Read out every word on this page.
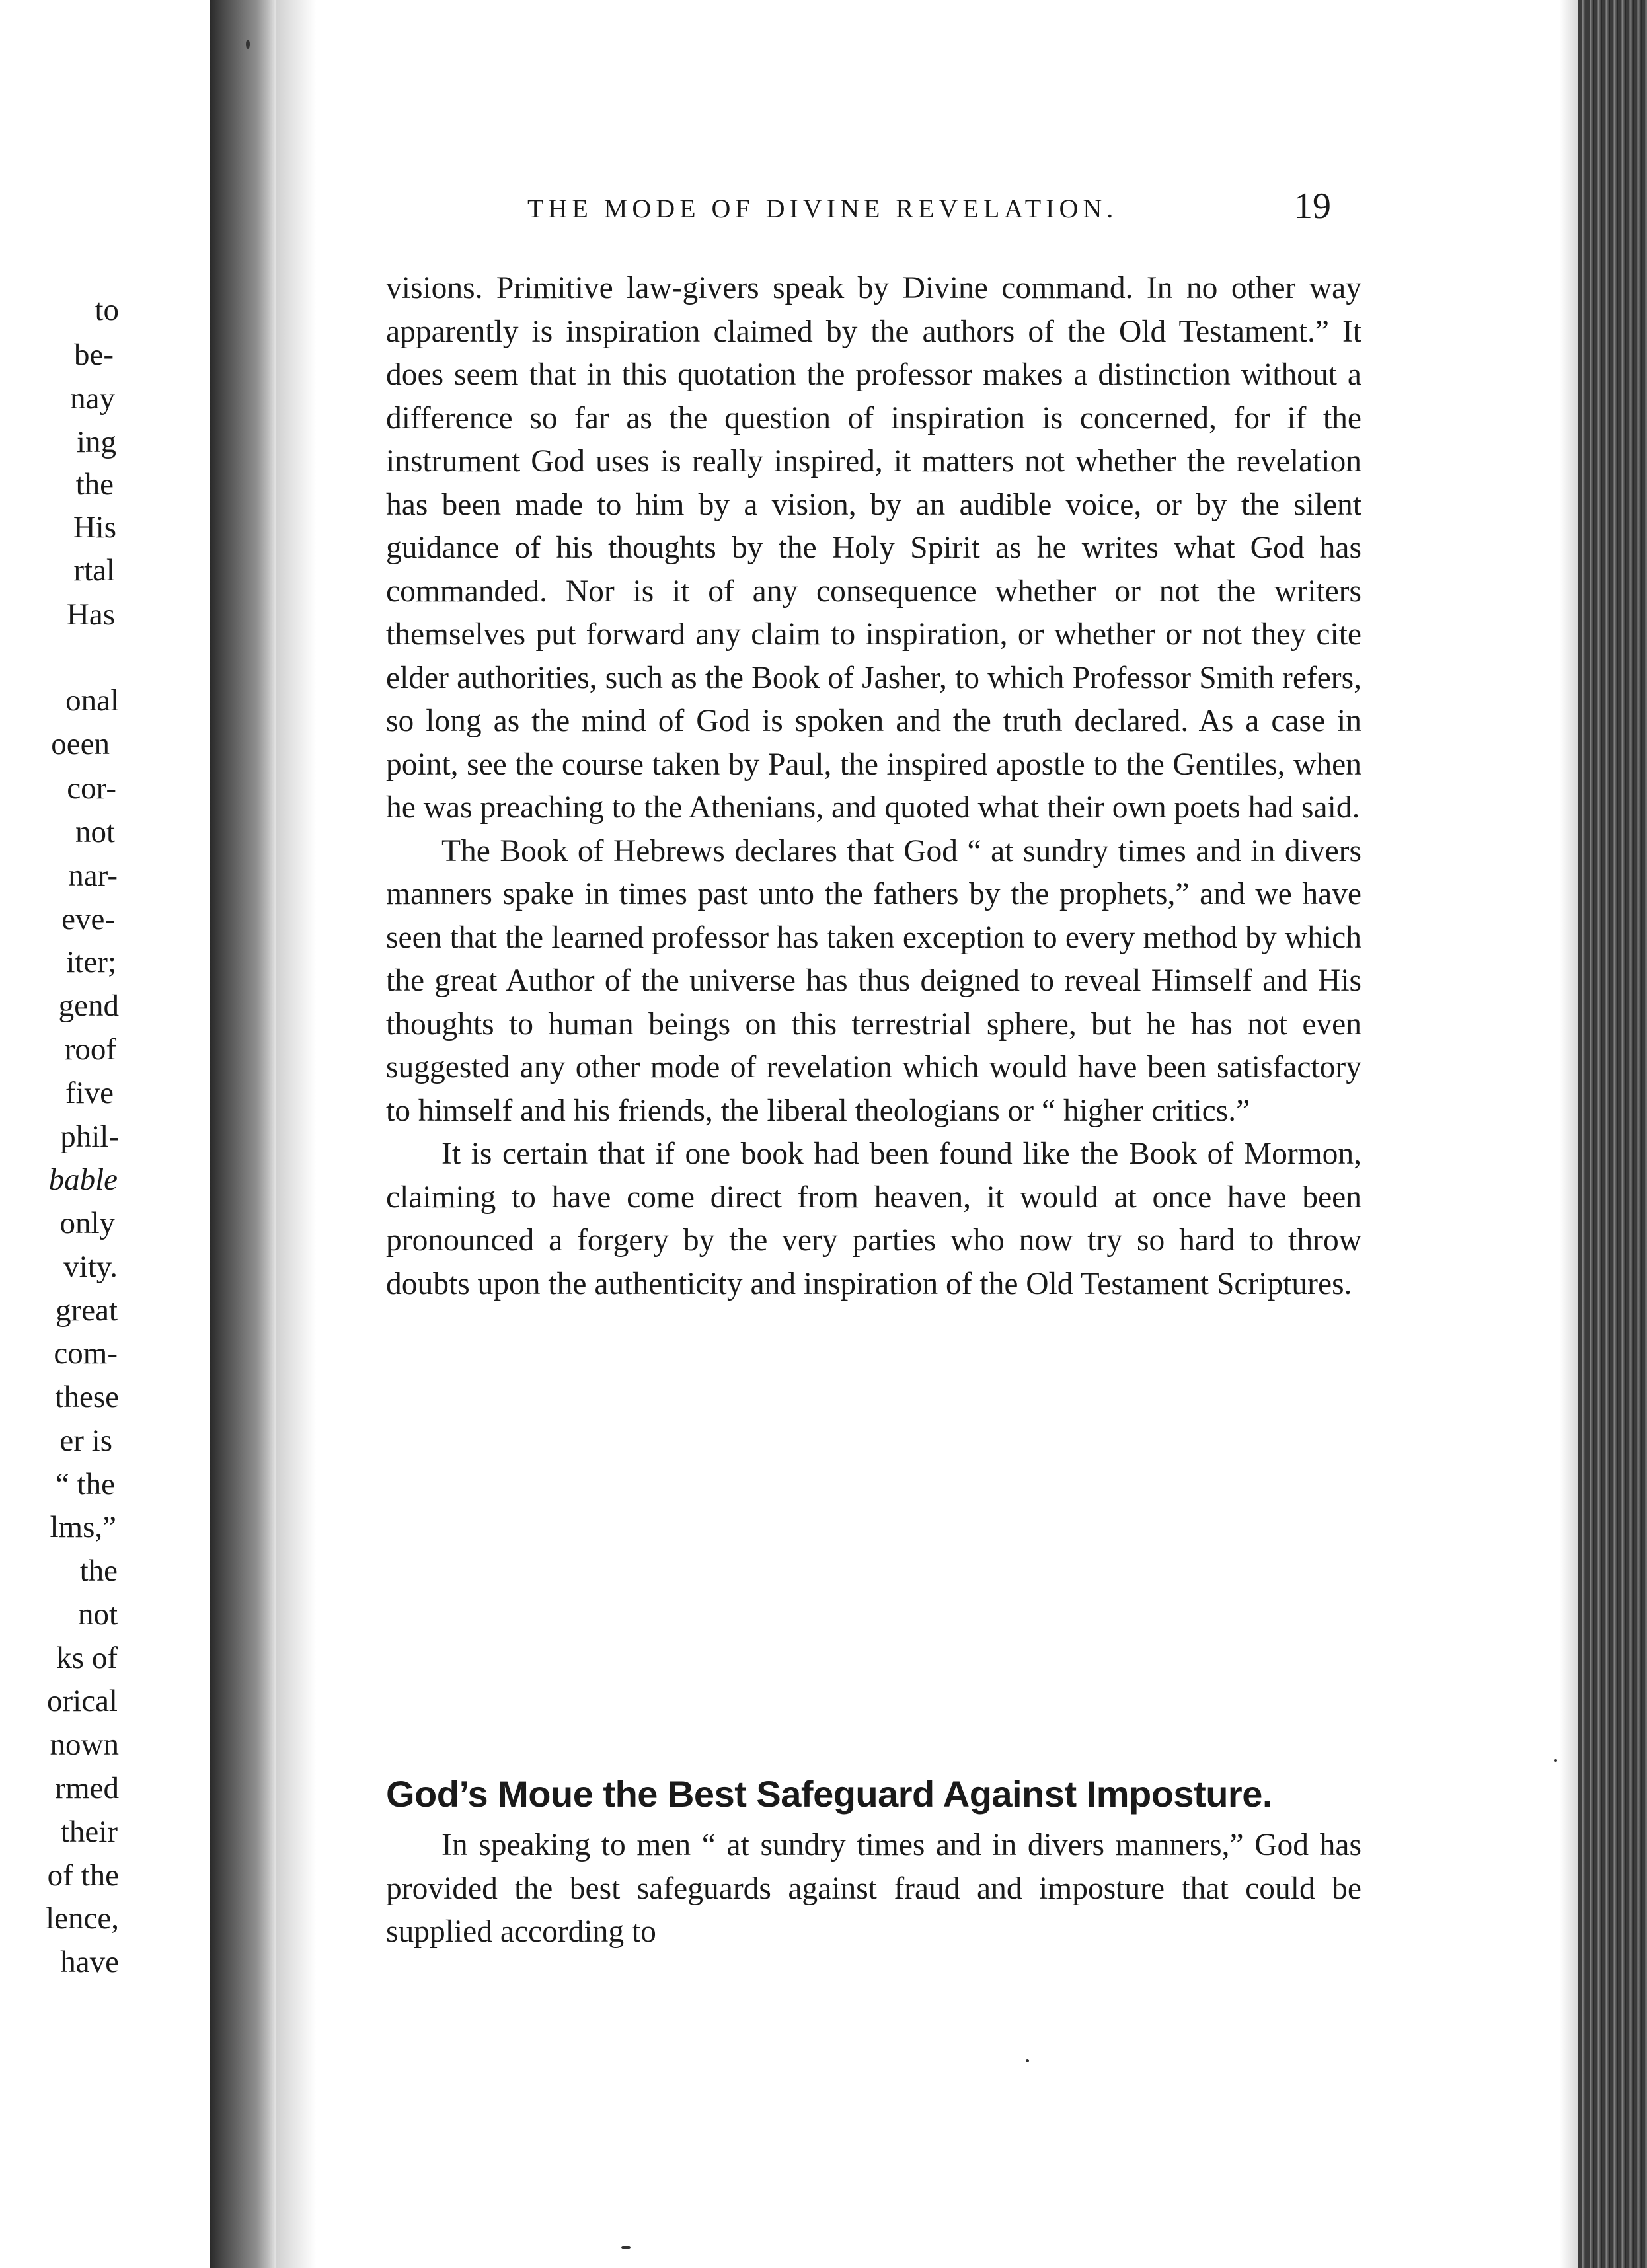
to
be-
nay
ing
the
His
rtal
Has
onal
oeen
cor-
not
nar-
eve-
iter;
gend
roof
five
phil-
bable
only
vity.
great
com-
these
er is
“ the
lms,”
the
not
ks of
orical
nown
rmed
their
of the
lence,
have
THE MODE OF DIVINE REVELATION.	19

visions. Primitive law-givers speak by Divine command. In no other way apparently is inspiration claimed by the authors of the Old Testament.” It does seem that in this quotation the professor makes a distinction without a difference so far as the question of inspiration is concerned, for if the instrument God uses is really inspired, it matters not whether the revelation has been made to him by a vision, by an audible voice, or by the silent guidance of his thoughts by the Holy Spirit as he writes what God has commanded. Nor is it of any consequence whether or not the writers themselves put forward any claim to inspiration, or whether or not they cite elder authorities, such as the Book of Jasher, to which Professor Smith refers, so long as the mind of God is spoken and the truth declared. As a case in point, see the course taken by Paul, the inspired apostle to the Gentiles, when he was preaching to the Athenians, and quoted what their own poets had said.

The Book of Hebrews declares that God “ at sundry times and in divers manners spake in times past unto the fathers by the prophets,” and we have seen that the learned professor has taken exception to every method by which the great Author of the universe has thus deigned to reveal Himself and His thoughts to human beings on this terrestrial sphere, but he has not even suggested any other mode of revelation which would have been satisfactory to himself and his friends, the liberal theologians or “ higher critics.”

It is certain that if one book had been found like the Book of Mormon, claiming to have come direct from heaven, it would at once have been pronounced a forgery by the very parties who now try so hard to throw doubts upon the authenticity and inspiration of the Old Testament Scriptures.

God’s Moue the Best Safeguard Against Imposture.

In speaking to men “ at sundry times and in divers manners,” God has provided the best safeguards against fraud and imposture that could be supplied according to
